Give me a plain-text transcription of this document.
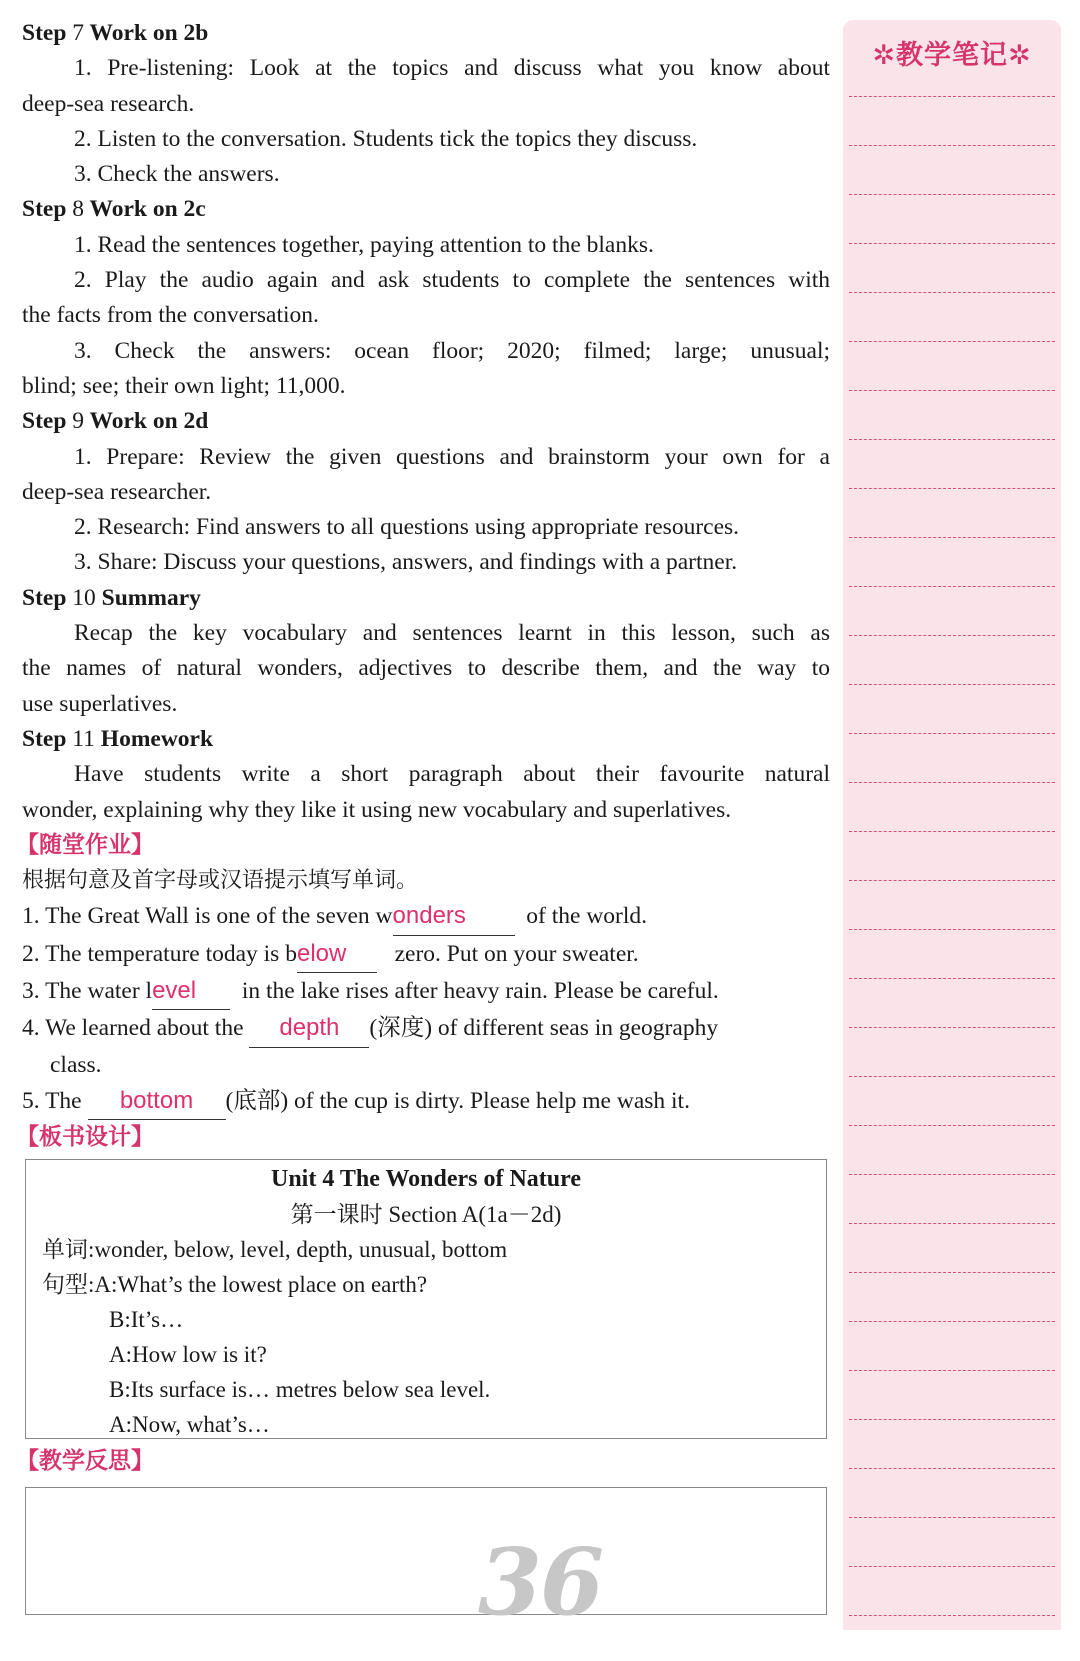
✲教学笔记✲
Step 7 Work on 2b
1. Pre-listening: Look at the topics and discuss what you know about
deep-sea research.
2. Listen to the conversation. Students tick the topics they discuss.
3. Check the answers.
Step 8 Work on 2c
1. Read the sentences together, paying attention to the blanks.
2. Play the audio again and ask students to complete the sentences with
the facts from the conversation.
3. Check the answers: ocean floor; 2020; filmed; large; unusual;
blind; see; their own light; 11,000.
Step 9 Work on 2d
1. Prepare: Review the given questions and brainstorm your own for a
deep-sea researcher.
2. Research: Find answers to all questions using appropriate resources.
3. Share: Discuss your questions, answers, and findings with a partner.
Step 10 Summary
Recap the key vocabulary and sentences learnt in this lesson, such as
the names of natural wonders, adjectives to describe them, and the way to
use superlatives.
Step 11 Homework
Have students write a short paragraph about their favourite natural
wonder, explaining why they like it using new vocabulary and superlatives.
【随堂作业】
根据句意及首字母或汉语提示填写单词。
1. The Great Wall is one of the seven wonders	of the world.
2. The temperature today is below zero. Put on your sweater.
3. The water level in the lake rises after heavy rain. Please be careful.
4. We learned about the depth (深度) of different seas in geography
class.
5. The bottom (底部) of the cup is dirty. Please help me wash it.
【板书设计】
Unit 4 The Wonders of Nature
第一课时 Section A(1a－2d)
单词:wonder, below, level, depth, unusual, bottom
句型:A:What’s the lowest place on earth?
B:It’s…
A:How low is it?
B:Its surface is… metres below sea level.
A:Now, what’s…
【教学反思】
36
